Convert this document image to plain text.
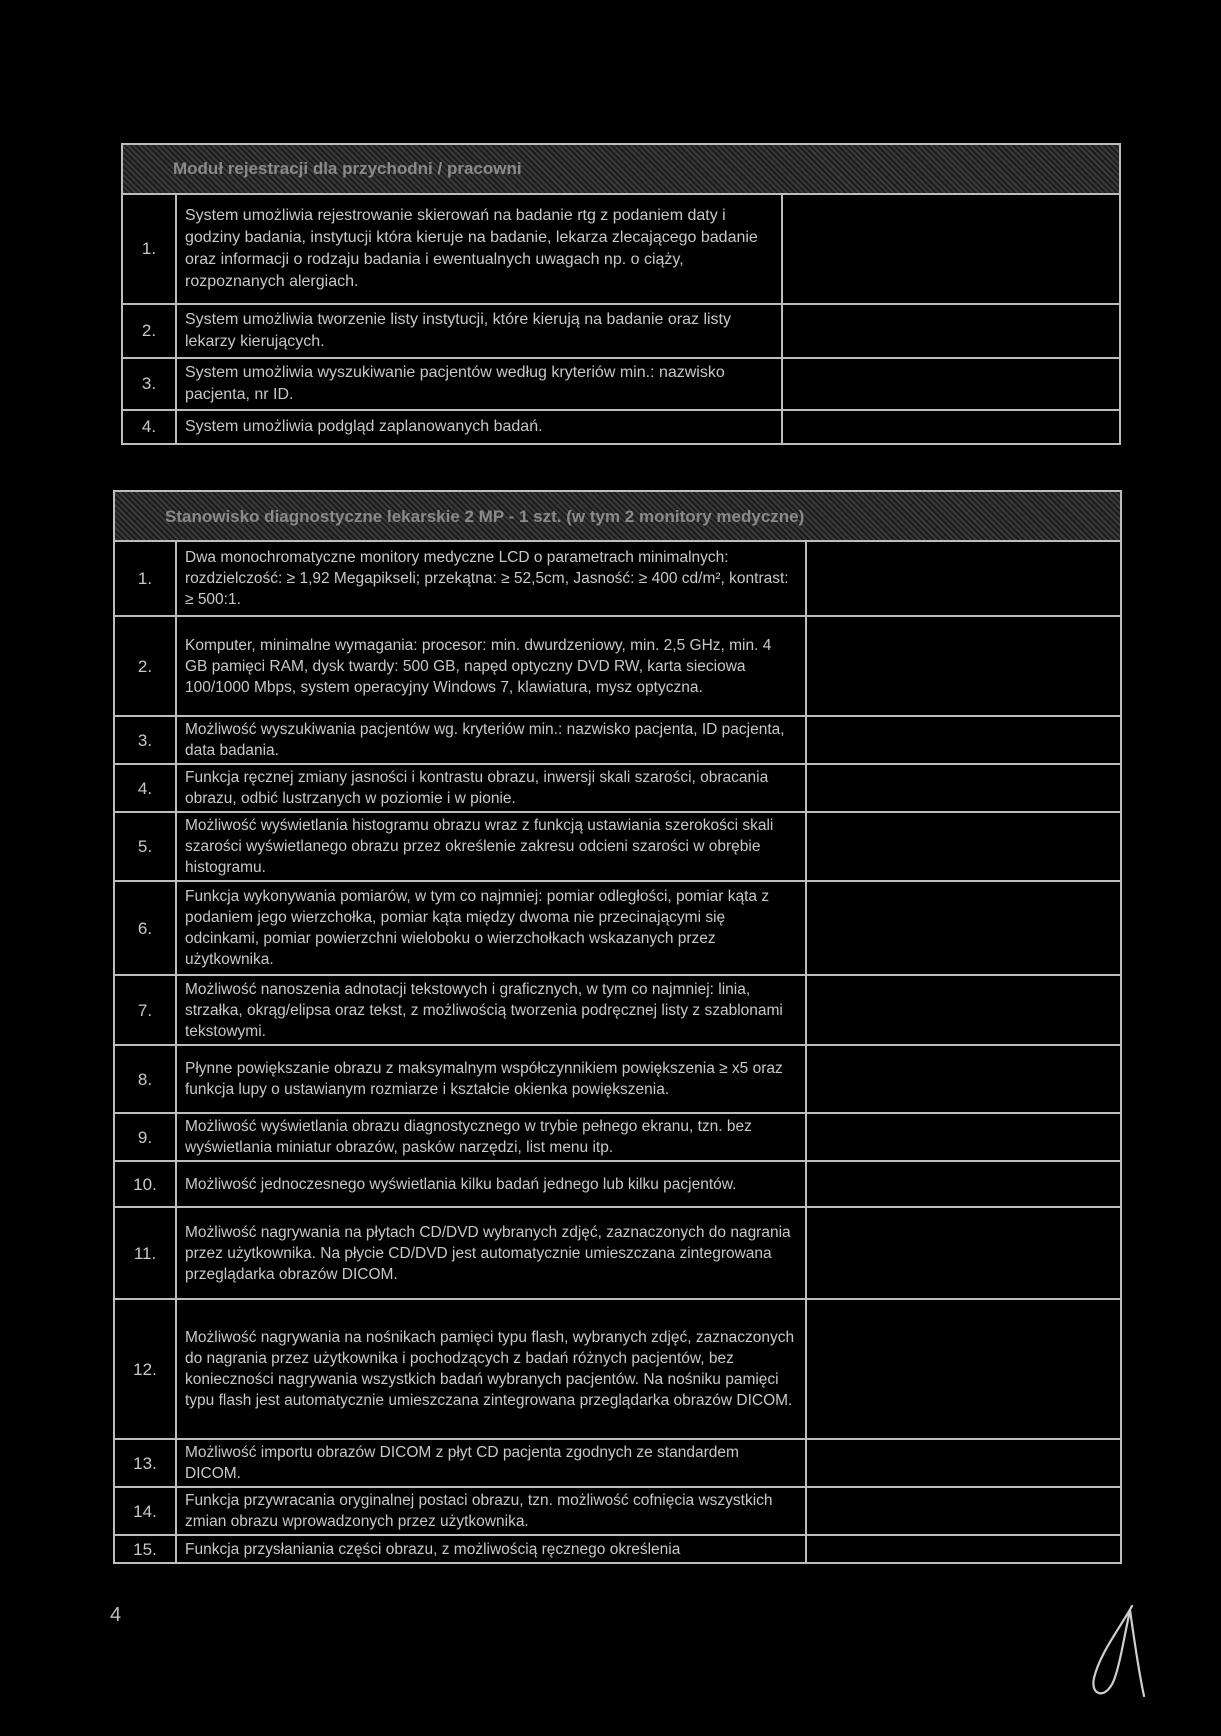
Moduł rejestracji dla przychodni / pracowni		
1.	System umożliwia rejestrowanie skierowań na badanie rtg z podaniem daty i godziny badania, instytucji która kieruje na badanie, lekarza zlecającego badanie oraz informacji o rodzaju badania i ewentualnych uwagach np. o ciąży, rozpoznanych alergiach.	
2.	System umożliwia tworzenie listy instytucji, które kierują na badanie oraz listy lekarzy kierujących.	
3.	System umożliwia wyszukiwanie pacjentów według kryteriów min.: nazwisko pacjenta, nr ID.	
4.	System umożliwia podgląd zaplanowanych badań.	
Stanowisko diagnostyczne lekarskie 2 MP - 1 szt. (w tym 2 monitory medyczne)		
1.	Dwa monochromatyczne monitory medyczne LCD o parametrach minimalnych: rozdzielczość: ≥ 1,92 Megapikseli; przekątna: ≥ 52,5cm, Jasność: ≥ 400 cd/m², kontrast: ≥ 500:1.	
2.	Komputer, minimalne wymagania: procesor: min. dwurdzeniowy, min. 2,5 GHz, min. 4 GB pamięci RAM, dysk twardy: 500 GB, napęd optyczny DVD RW, karta sieciowa 100/1000 Mbps, system operacyjny Windows 7, klawiatura, mysz optyczna.	
3.	Możliwość wyszukiwania pacjentów wg. kryteriów min.: nazwisko pacjenta, ID pacjenta, data badania.	
4.	Funkcja ręcznej zmiany jasności i kontrastu obrazu, inwersji skali szarości, obracania obrazu, odbić lustrzanych w poziomie i w pionie.	
5.	Możliwość wyświetlania histogramu obrazu wraz z funkcją ustawiania szerokości skali szarości wyświetlanego obrazu przez określenie zakresu odcieni szarości w obrębie histogramu.	
6.	Funkcja wykonywania pomiarów, w tym co najmniej: pomiar odległości, pomiar kąta z podaniem jego wierzchołka, pomiar kąta między dwoma nie przecinającymi się odcinkami, pomiar powierzchni wieloboku o wierzchołkach wskazanych przez użytkownika.	
7.	Możliwość nanoszenia adnotacji tekstowych i graficznych, w tym co najmniej: linia, strzałka, okrąg/elipsa oraz tekst, z możliwością tworzenia podręcznej listy z szablonami tekstowymi.	
8.	Płynne powiększanie obrazu z maksymalnym współczynnikiem powiększenia ≥ x5 oraz funkcja lupy o ustawianym rozmiarze i kształcie okienka powiększenia.	
9.	Możliwość wyświetlania obrazu diagnostycznego w trybie pełnego ekranu, tzn. bez wyświetlania miniatur obrazów, pasków narzędzi, list menu itp.	
10.	Możliwość jednoczesnego wyświetlania kilku badań jednego lub kilku pacjentów.	
11.	Możliwość nagrywania na płytach CD/DVD wybranych zdjęć, zaznaczonych do nagrania przez użytkownika. Na płycie CD/DVD jest automatycznie umieszczana zintegrowana przeglądarka obrazów DICOM.	
12.	Możliwość nagrywania na nośnikach pamięci typu flash, wybranych zdjęć, zaznaczonych do nagrania przez użytkownika i pochodzących z badań różnych pacjentów, bez konieczności nagrywania wszystkich badań wybranych pacjentów. Na nośniku pamięci typu flash jest automatycznie umieszczana zintegrowana przeglądarka obrazów DICOM.	
13.	Możliwość importu obrazów DICOM z płyt CD pacjenta zgodnych ze standardem DICOM.	
14.	Funkcja przywracania oryginalnej postaci obrazu, tzn. możliwość cofnięcia wszystkich zmian obrazu wprowadzonych przez użytkownika.	
15.	Funkcja przysłaniania części obrazu, z możliwością ręcznego określenia	
4
